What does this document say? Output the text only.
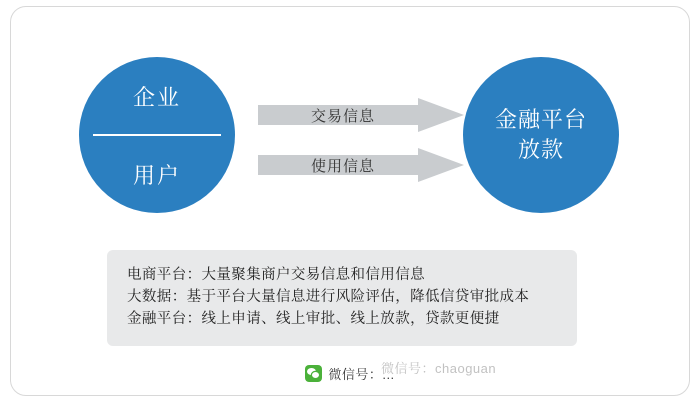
企业
用户
交易信息
使用信息
金融平台
放款
电商平台：大量聚集商户交易信息和信用信息
大数据：基于平台大量信息进行风险评估，降低信贷审批成本
金融平台：线上申请、线上审批、线上放款，贷款更便捷
微信号：chaoguan
微信号：...
